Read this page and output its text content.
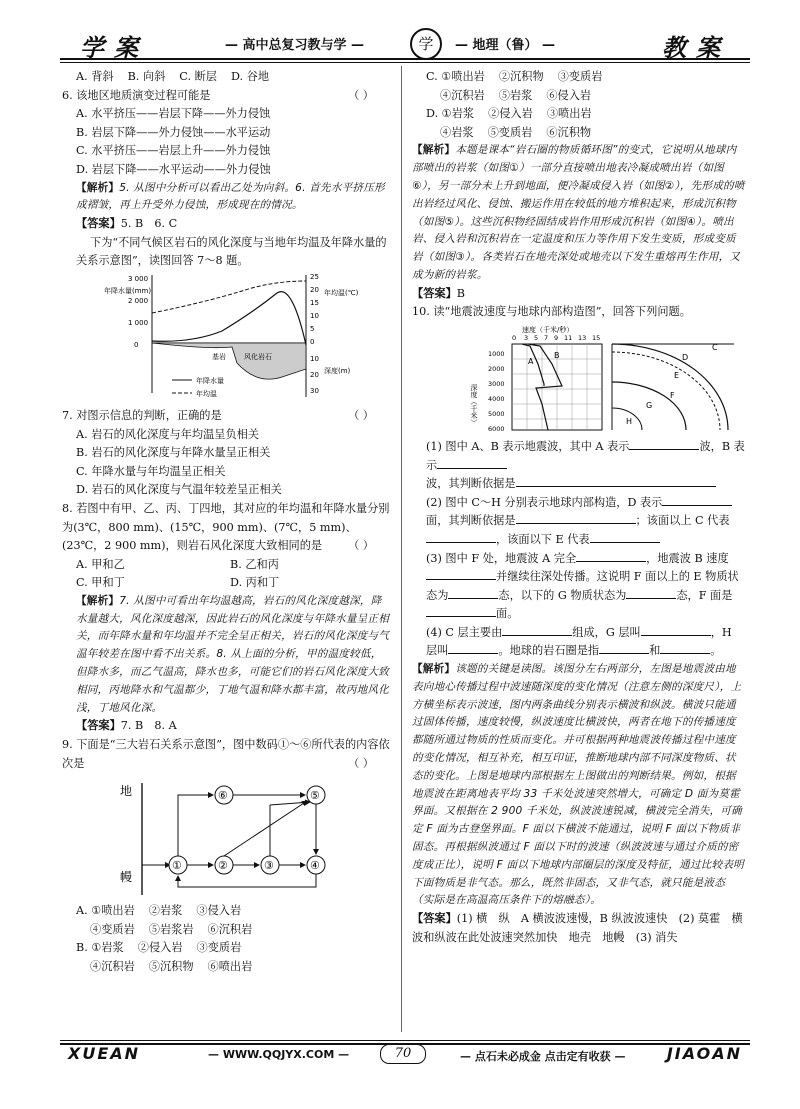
学案	— 高中总复习教与学 —	学	— 地理（鲁） —	教案
A. 背斜 B. 向斜 C. 断层 D. 谷地
6. 该地区地质演变过程可能是	（ ）
A. 水平挤压——岩层下降——外力侵蚀
B. 岩层下降——外力侵蚀——水平运动
C. 水平挤压——岩层上升——外力侵蚀
D. 岩层下降——水平运动——外力侵蚀
【解析】5. 从图中分析可以看出乙处为向斜。6. 首先水平挤压形成褶皱，再上升受外力侵蚀，形成现在的情况。
【答案】5. B　6. C
下为“不同气候区岩石的风化深度与当地年均温及年降水量的关系示意图”，读图回答 7～8 题。
3 000
2 000
1 000
0
25
20
15
10
5
0
10
20
30
年降水量(mm)	年均温(℃)
深度(m)
基岩	风化岩石
年降水量
年均温
7. 对图示信息的判断，正确的是	（ ）
A. 岩石的风化深度与年均温呈负相关
B. 岩石的风化深度与年降水量呈正相关
C. 年降水量与年均温呈正相关
D. 岩石的风化深度与气温年较差呈正相关
8. 若图中有甲、乙、丙、丁四地，其对应的年均温和年降水量分别为(3℃，800 mm)、(15℃，900 mm)、(7℃，5 mm)、(23℃，2 900 mm)，则岩石风化深度大致相同的是 （ ）
A. 甲和乙	B. 乙和丙
C. 甲和丁	D. 丙和丁
【解析】7. 从图中可看出年均温越高，岩石的风化深度越深，降水量越大，风化深度越深，因此岩石的风化深度与年降水量呈正相关，而年降水量和年均温并不完全呈正相关，岩石的风化深度与气温年较差在图中看不出关系。8. 从上面的分析，甲的温度较低，但降水多，而乙气温高，降水也多，可能它们的岩石风化深度大致相同，丙地降水和气温都少，丁地气温和降水都丰富，故丙地风化浅，丁地风化深。
【答案】7. B　8. A
9. 下面是“三大岩石关系示意图”，图中数码①～⑥所代表的内容依次是	（ ）
地
幔
①	②	③	④
⑤
⑥
A. ①喷出岩 ②岩浆 ③侵入岩
④变质岩 ⑤岩浆岩 ⑥沉积岩
B. ①岩浆 ②侵入岩 ③变质岩
④沉积岩 ⑤沉积物 ⑥喷出岩
C. ①喷出岩 ②沉积物 ③变质岩
④沉积岩 ⑤岩浆 ⑥侵入岩
D. ①岩浆 ②侵入岩 ③喷出岩
④岩浆 ⑤变质岩 ⑥沉积物
【解析】本题是课本“岩石圈的物质循环图”的变式，它说明从地球内部喷出的岩浆（如图①）一部分直接喷出地表冷凝成喷出岩（如图⑥），另一部分未上升到地面，便冷凝成侵入岩（如图②），先形成的喷出岩经过风化、侵蚀、搬运作用在较低的地方堆积起来，形成沉积物（如图⑤）。这些沉积物经固结成岩作用形成沉积岩（如图④）。喷出岩、侵入岩和沉积岩在一定温度和压力等作用下发生变质，形成变质岩（如图③）。各类岩石在地壳深处或地壳以下发生重熔再生作用，又成为新的岩浆。
【答案】B
10. 读“地震波速度与地球内部构造图”，回答下列问题。
速度（千米/秒）
0 3 5 7 9 11 13 15
1000
2000
3000
4000
5000
6000
深度（千米）
A
B
C
D
E
F
G
H
(1) 图中 A、B 表示地震波，其中 A 表示	波，B 表示
波，其判断依据是
(2) 图中 C～H 分别表示地球内部构造，D 表示面，其判断依据是	；该面以上 C 代表，该面以下 E 代表
(3) 图中 F 处，地震波 A 完全	，地震波 B 速度并继续往深处传播。这说明 F 面以上的 E 物质状态为	态，以下的 G 物质状态为	态，F 面是面。
(4) C 层主要由	组成，G 层叫	，H 层叫	。地球的岩石圈是指	和	。
【解析】该题的关键是读图。该图分左右两部分，左图是地震波由地表向地心传播过程中波速随深度的变化情况（注意左侧的深度尺），上方横坐标表示波速，图内两条曲线分别表示横波和纵波。横波只能通过固体传播，速度较慢，纵波速度比横波快，两者在地下的传播速度都随所通过物质的性质而变化。并可根据两种地震波传播过程中速度的变化情况，相互补充，相互印证，推断地球内部不同深度物质、状态的变化。上图是地球内部根据左上图做出的判断结果。例如，根据地震波在距离地表平均 33 千米处波速突然增大，可确定 D 面为莫霍界面。又根据在 2 900 千米处，纵波波速锐减，横波完全消失，可确定 F 面为古登堡界面。F 面以下横波不能通过，说明 F 面以下物质非固态。再根据纵波通过 F 面以下时的波速（纵波波速与通过介质的密度成正比），说明 F 面以下地球内部圈层的深度及特征，通过比较表明下面物质是非气态。那么，既然非固态，又非气态，就只能是液态（实际是在高温高压条件下的熔融态）。
【答案】(1) 横　纵　A 横波波速慢，B 纵波波速快　(2) 莫霍　横波和纵波在此处波速突然加快　地壳　地幔　(3) 消失
XUEAN	— WWW.QQJYX.COM —	70	— 点石未必成金 点击定有收获 —	JIAOAN
